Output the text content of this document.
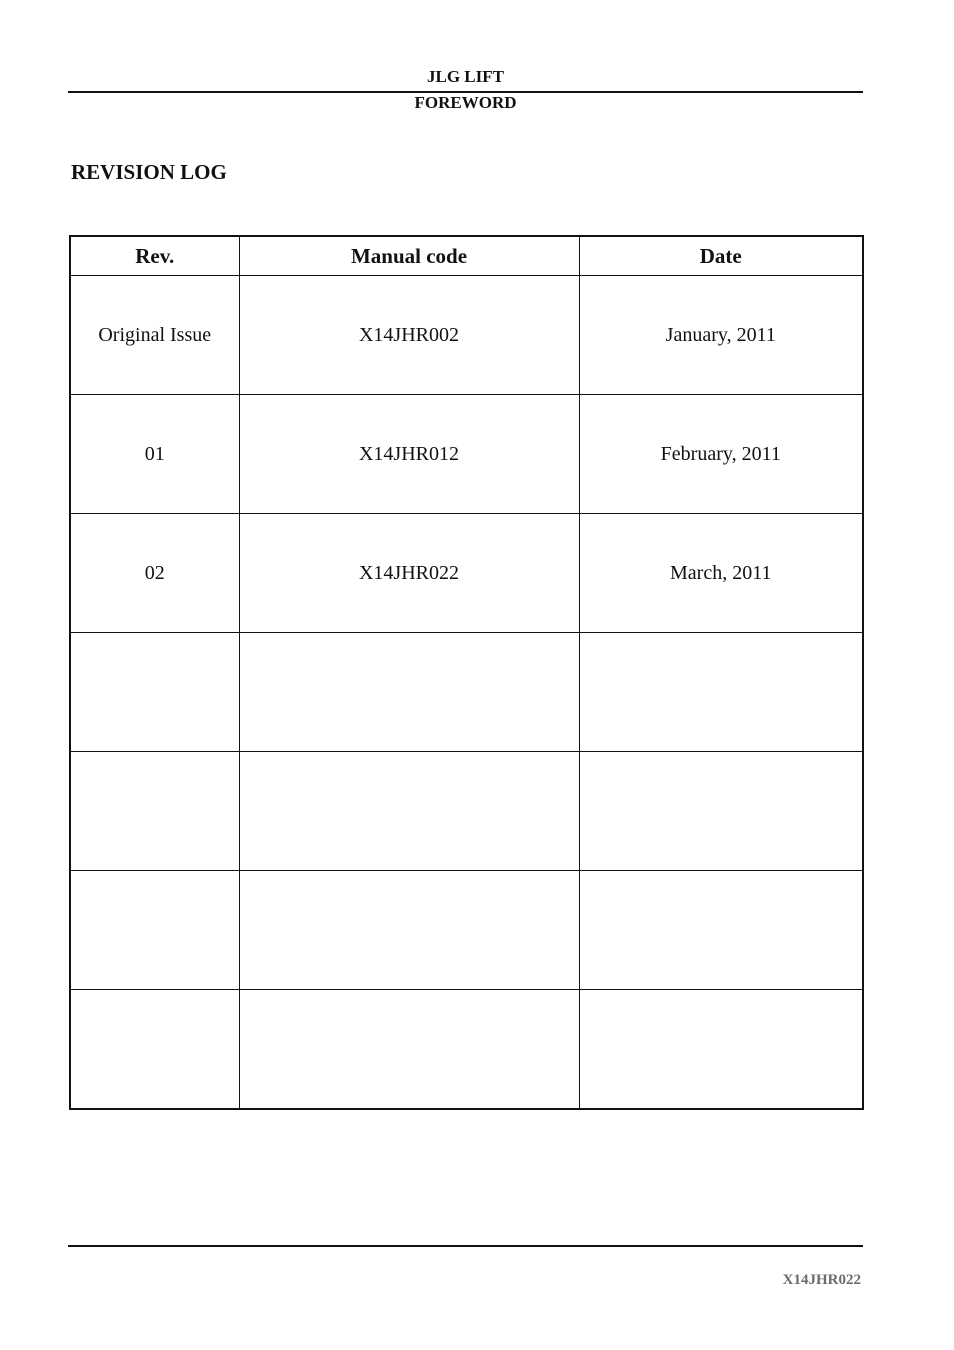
JLG LIFT
FOREWORD
REVISION LOG
Rev.	Manual code	Date
Original Issue	X14JHR002	January, 2011
01	X14JHR012	February, 2011
02	X14JHR022	March, 2011

X14JHR022
